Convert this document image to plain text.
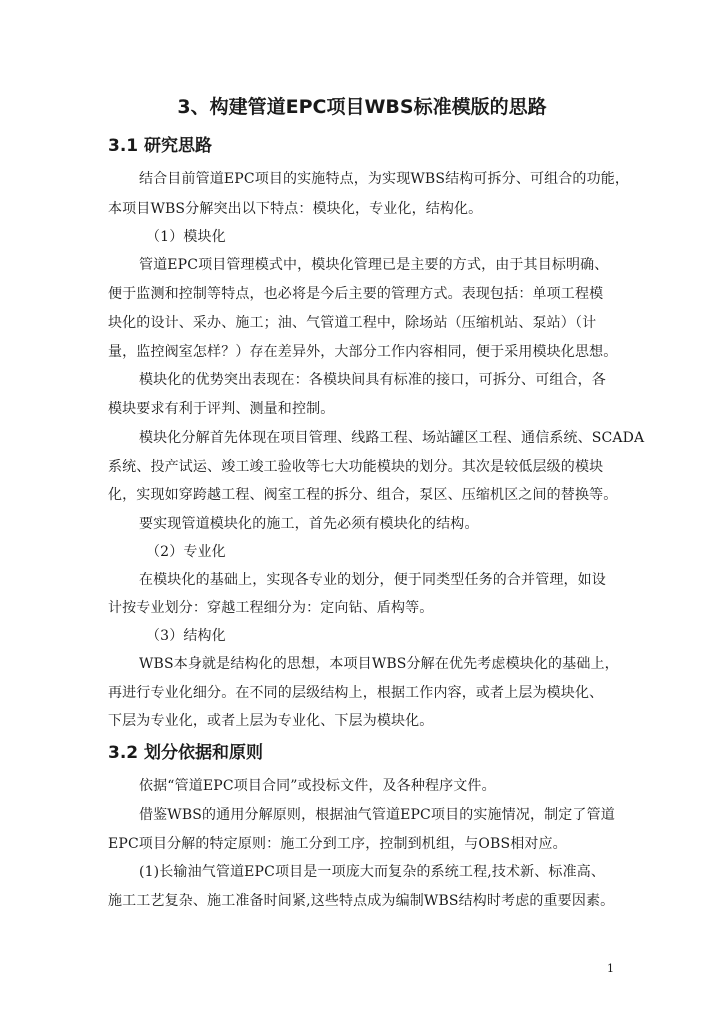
3、构建管道EPC项目WBS标准模版的思路
3.1 研究思路
结合目前管道EPC项目的实施特点，为实现WBS结构可拆分、可组合的功能，
本项目WBS分解突出以下特点：模块化，专业化，结构化。
（1）模块化
管道EPC项目管理模式中，模块化管理已是主要的方式，由于其目标明确、
便于监测和控制等特点，也必将是今后主要的管理方式。表现包括：单项工程模
块化的设计、采办、施工；油、气管道工程中，除场站（压缩机站、泵站）（计
量，监控阀室怎样？）存在差异外，大部分工作内容相同，便于采用模块化思想。
模块化的优势突出表现在：各模块间具有标准的接口，可拆分、可组合，各
模块要求有利于评判、测量和控制。
模块化分解首先体现在项目管理、线路工程、场站罐区工程、通信系统、SCADA
系统、投产试运、竣工竣工验收等七大功能模块的划分。其次是较低层级的模块
化，实现如穿跨越工程、阀室工程的拆分、组合，泵区、压缩机区之间的替换等。
要实现管道模块化的施工，首先必须有模块化的结构。
（2）专业化
在模块化的基础上，实现各专业的划分，便于同类型任务的合并管理，如设
计按专业划分：穿越工程细分为：定向钻、盾构等。
（3）结构化
WBS本身就是结构化的思想，本项目WBS分解在优先考虑模块化的基础上，
再进行专业化细分。在不同的层级结构上，根据工作内容，或者上层为模块化、
下层为专业化，或者上层为专业化、下层为模块化。
3.2 划分依据和原则
依据“管道EPC项目合同”或投标文件，及各种程序文件。
借鉴WBS的通用分解原则，根据油气管道EPC项目的实施情况，制定了管道
EPC项目分解的特定原则：施工分到工序，控制到机组，与OBS相对应。
(1)长输油气管道EPC项目是一项庞大而复杂的系统工程,技术新、标准高、
施工工艺复杂、施工准备时间紧,这些特点成为编制WBS结构时考虑的重要因素。
1
